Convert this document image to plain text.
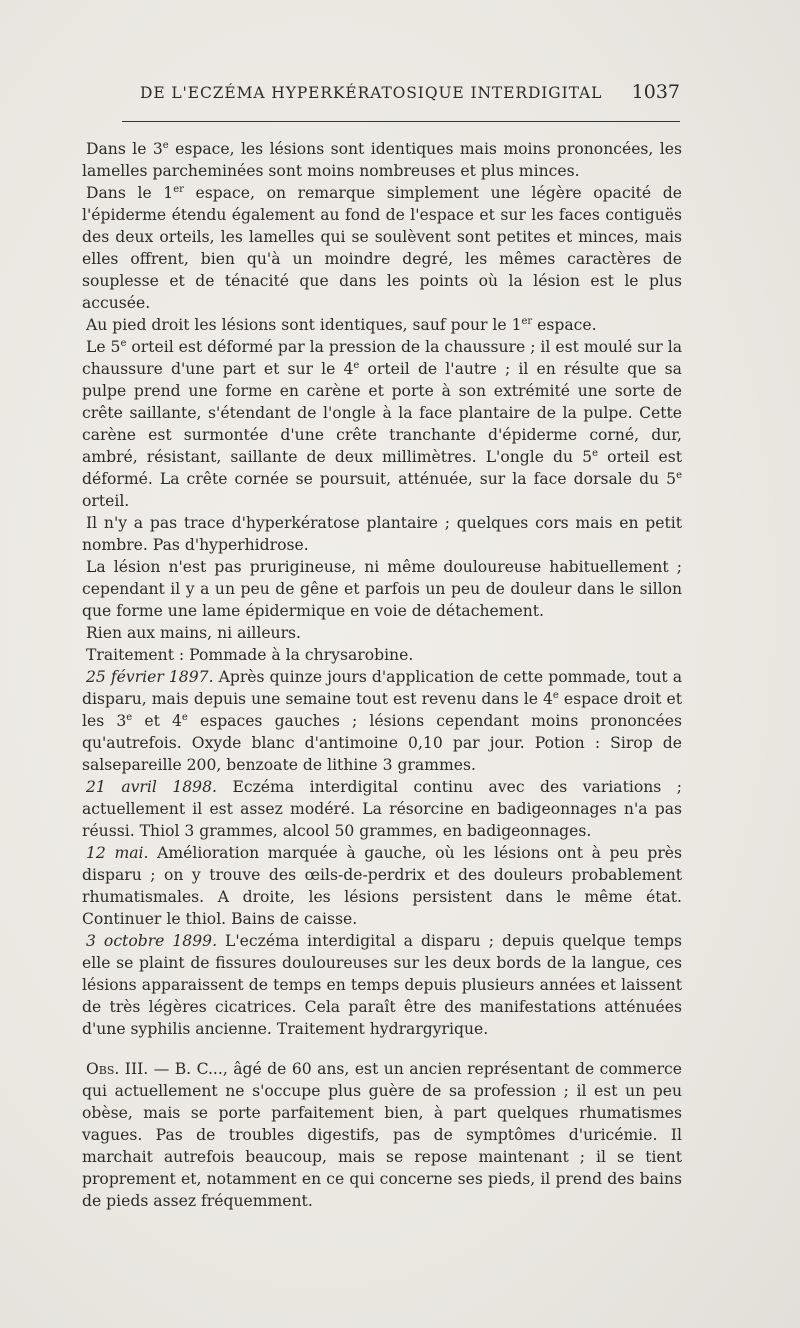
DE L'ECZÉMA HYPERKÉRATOSIQUE INTERDIGITAL 1037

Dans le 3e espace, les lésions sont identiques mais moins prononcées, les lamelles parcheminées sont moins nombreuses et plus minces.

Dans le 1er espace, on remarque simplement une légère opacité de l'épiderme étendu également au fond de l'espace et sur les faces contiguës des deux orteils, les lamelles qui se soulèvent sont petites et minces, mais elles offrent, bien qu'à un moindre degré, les mêmes caractères de souplesse et de ténacité que dans les points où la lésion est le plus accusée.

Au pied droit les lésions sont identiques, sauf pour le 1er espace.

Le 5e orteil est déformé par la pression de la chaussure ; il est moulé sur la chaussure d'une part et sur le 4e orteil de l'autre ; il en résulte que sa pulpe prend une forme en carène et porte à son extrémité une sorte de crête saillante, s'étendant de l'ongle à la face plantaire de la pulpe. Cette carène est surmontée d'une crête tranchante d'épiderme corné, dur, ambré, résistant, saillante de deux millimètres. L'ongle du 5e orteil est déformé. La crête cornée se poursuit, atténuée, sur la face dorsale du 5e orteil.

Il n'y a pas trace d'hyperkératose plantaire ; quelques cors mais en petit nombre. Pas d'hyperhidrose.

La lésion n'est pas prurigineuse, ni même douloureuse habituellement ; cependant il y a un peu de gêne et parfois un peu de douleur dans le sillon que forme une lame épidermique en voie de détachement.

Rien aux mains, ni ailleurs.

Traitement : Pommade à la chrysarobine.

25 février 1897. Après quinze jours d'application de cette pommade, tout a disparu, mais depuis une semaine tout est revenu dans le 4e espace droit et les 3e et 4e espaces gauches ; lésions cependant moins prononcées qu'autrefois. Oxyde blanc d'antimoine 0,10 par jour. Potion : Sirop de salsepareille 200, benzoate de lithine 3 grammes.

21 avril 1898. Eczéma interdigital continu avec des variations ; actuellement il est assez modéré. La résorcine en badigeonnages n'a pas réussi. Thiol 3 grammes, alcool 50 grammes, en badigeonnages.

12 mai. Amélioration marquée à gauche, où les lésions ont à peu près disparu ; on y trouve des œils-de-perdrix et des douleurs probablement rhumatismales. A droite, les lésions persistent dans le même état. Continuer le thiol. Bains de caisse.

3 octobre 1899. L'eczéma interdigital a disparu ; depuis quelque temps elle se plaint de fissures douloureuses sur les deux bords de la langue, ces lésions apparaissent de temps en temps depuis plusieurs années et laissent de très légères cicatrices. Cela paraît être des manifestations atténuées d'une syphilis ancienne. Traitement hydrargyrique.

Obs. III. — B. C..., âgé de 60 ans, est un ancien représentant de commerce qui actuellement ne s'occupe plus guère de sa profession ; il est un peu obèse, mais se porte parfaitement bien, à part quelques rhumatismes vagues. Pas de troubles digestifs, pas de symptômes d'uricémie. Il marchait autrefois beaucoup, mais se repose maintenant ; il se tient proprement et, notamment en ce qui concerne ses pieds, il prend des bains de pieds assez fréquemment.
